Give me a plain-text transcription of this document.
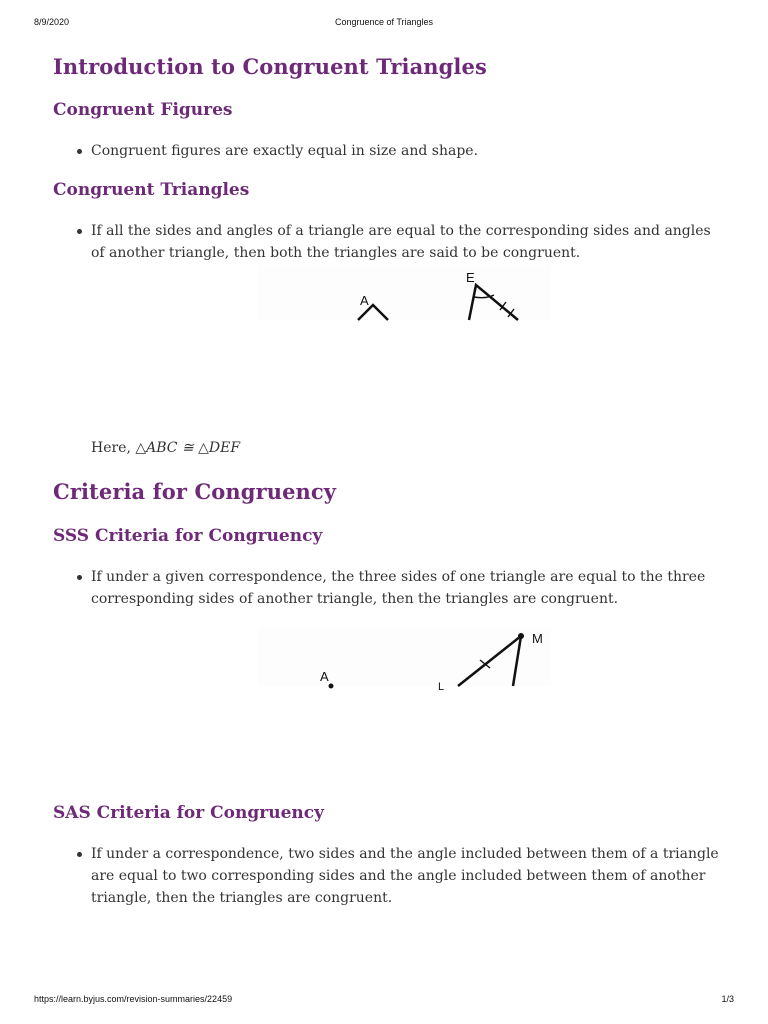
Congruence of Triangles
8/9/2020
Introduction to Congruent Triangles
Congruent Figures
Congruent figures are exactly equal in size and shape.
Congruent Triangles
If all the sides and angles of a triangle are equal to the corresponding sides and angles of another triangle, then both the triangles are said to be congruent.
A
E
Here, △ABC ≅ △DEF
Criteria for Congruency
SSS Criteria for Congruency
If under a given correspondence, the three sides of one triangle are equal to the three corresponding sides of another triangle, then the triangles are congruent.
A
L
M
SAS Criteria for Congruency
If under a correspondence, two sides and the angle included between them of a triangle are equal to two corresponding sides and the angle included between them of another triangle, then the triangles are congruent.
https://learn.byjus.com/revision-summaries/22459	1/3
